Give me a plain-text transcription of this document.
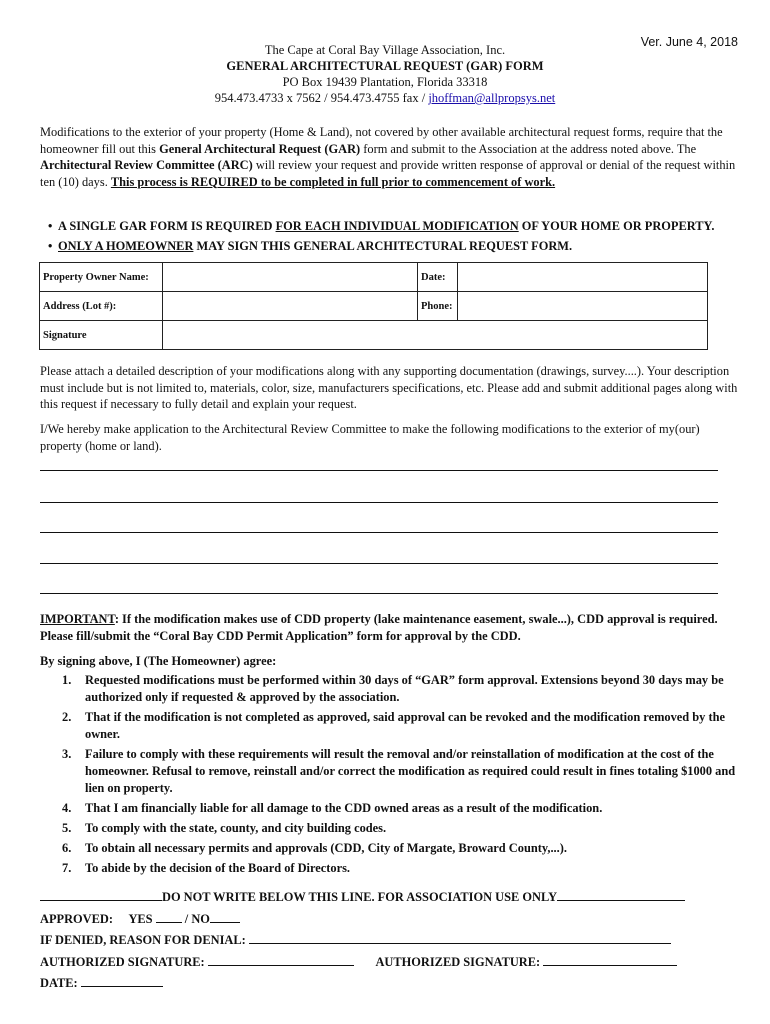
Ver. June 4, 2018
The Cape at Coral Bay Village Association, Inc.
GENERAL ARCHITECTURAL REQUEST (GAR) FORM
PO Box 19439 Plantation, Florida 33318
954.473.4733 x 7562 / 954.473.4755 fax / jhoffman@allpropsys.net
Modifications to the exterior of your property (Home & Land), not covered by other available architectural request forms, require that the homeowner fill out this General Architectural Request (GAR) form and submit to the Association at the address noted above. The Architectural Review Committee (ARC) will review your request and provide written response of approval or denial of the request within ten (10) days. This process is REQUIRED to be completed in full prior to commencement of work.
• A SINGLE GAR FORM IS REQUIRED FOR EACH INDIVIDUAL MODIFICATION OF YOUR HOME OR PROPERTY.
• ONLY A HOMEOWNER MAY SIGN THIS GENERAL ARCHITECTURAL REQUEST FORM.
Property Owner Name:		Date:	
Address (Lot #):		Phone:	
Signature			
Please attach a detailed description of your modifications along with any supporting documentation (drawings, survey....). Your description must include but is not limited to, materials, color, size, manufacturers specifications, etc. Please add and submit additional pages along with this request if necessary to fully detail and explain your request.
I/We hereby make application to the Architectural Review Committee to make the following modifications to the exterior of my(our) property (home or land).
IMPORTANT: If the modification makes use of CDD property (lake maintenance easement, swale...), CDD approval is required. Please fill/submit the “Coral Bay CDD Permit Application” form for approval by the CDD.
By signing above, I (The Homeowner) agree:
1. Requested modifications must be performed within 30 days of “GAR” form approval. Extensions beyond 30 days may be authorized only if requested & approved by the association.
2. That if the modification is not completed as approved, said approval can be revoked and the modification removed by the owner.
3. Failure to comply with these requirements will result the removal and/or reinstallation of modification at the cost of the homeowner. Refusal to remove, reinstall and/or correct the modification as required could result in fines totaling $1000 and lien on property.
4. That I am financially liable for all damage to the CDD owned areas as a result of the modification.
5. To comply with the state, county, and city building codes.
6. To obtain all necessary permits and approvals (CDD, City of Margate, Broward County,...).
7. To abide by the decision of the Board of Directors.
DO NOT WRITE BELOW THIS LINE. FOR ASSOCIATION USE ONLY
APPROVED: YES	/ NO
IF DENIED, REASON FOR DENIAL:
AUTHORIZED SIGNATURE:	AUTHORIZED SIGNATURE:
DATE:
